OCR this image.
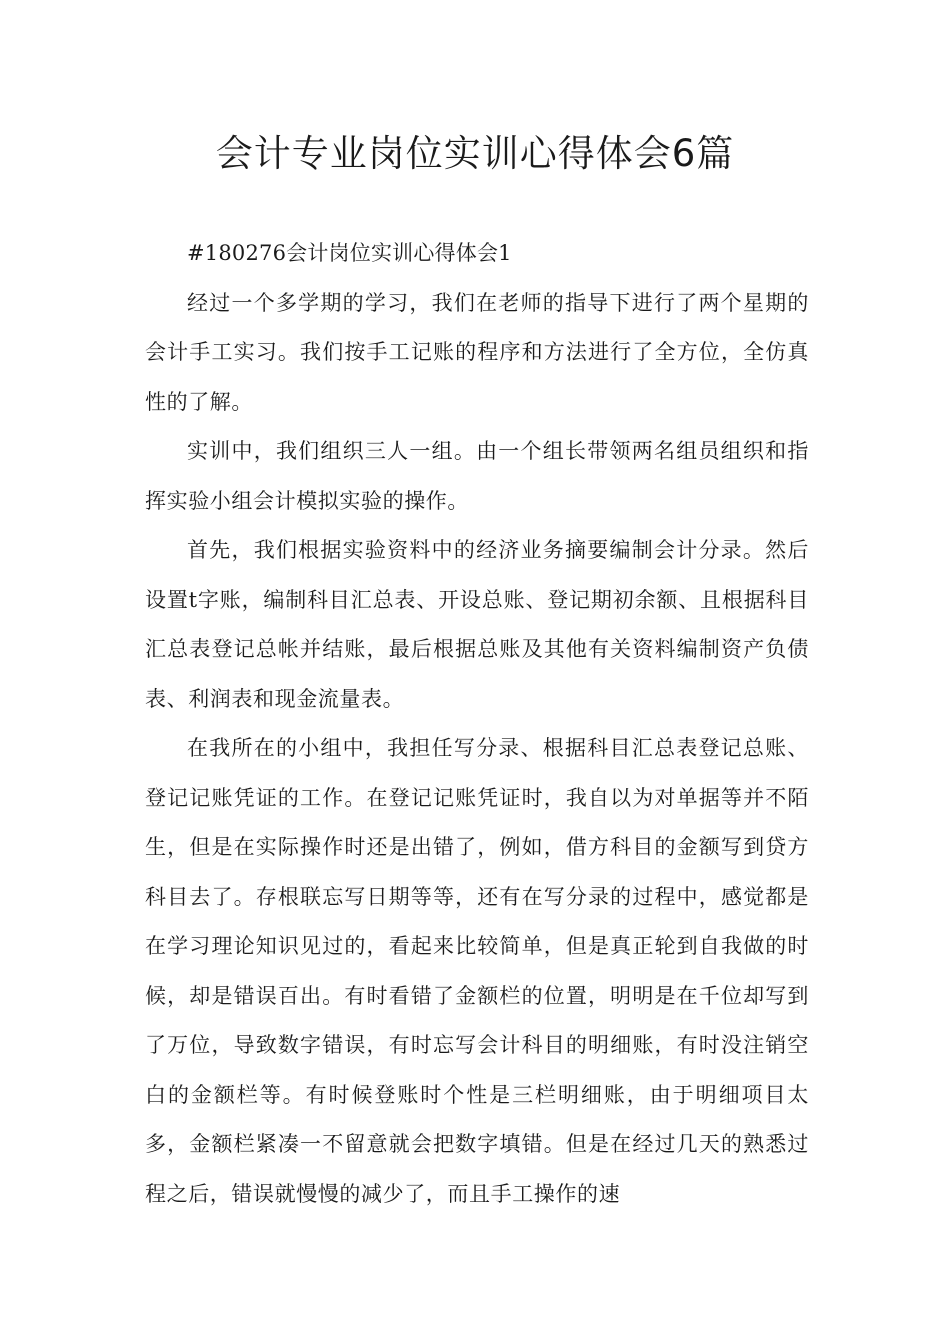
会计专业岗位实训心得体会6篇

#180276会计岗位实训心得体会1

经过一个多学期的学习，我们在老师的指导下进行了两个星期的会计手工实习。我们按手工记账的程序和方法进行了全方位，全仿真性的了解。

实训中，我们组织三人一组。由一个组长带领两名组员组织和指挥实验小组会计模拟实验的操作。

首先，我们根据实验资料中的经济业务摘要编制会计分录。然后设置t字账，编制科目汇总表、开设总账、登记期初余额、且根据科目汇总表登记总帐并结账，最后根据总账及其他有关资料编制资产负债表、利润表和现金流量表。

在我所在的小组中，我担任写分录、根据科目汇总表登记总账、登记记账凭证的工作。在登记记账凭证时，我自以为对单据等并不陌生，但是在实际操作时还是出错了，例如，借方科目的金额写到贷方科目去了。存根联忘写日期等等，还有在写分录的过程中，感觉都是在学习理论知识见过的，看起来比较简单，但是真正轮到自我做的时候，却是错误百出。有时看错了金额栏的位置，明明是在千位却写到了万位，导致数字错误，有时忘写会计科目的明细账，有时没注销空白的金额栏等。有时候登账时个性是三栏明细账，由于明细项目太多，金额栏紧凑一不留意就会把数字填错。但是在经过几天的熟悉过程之后，错误就慢慢的减少了，而且手工操作的速
